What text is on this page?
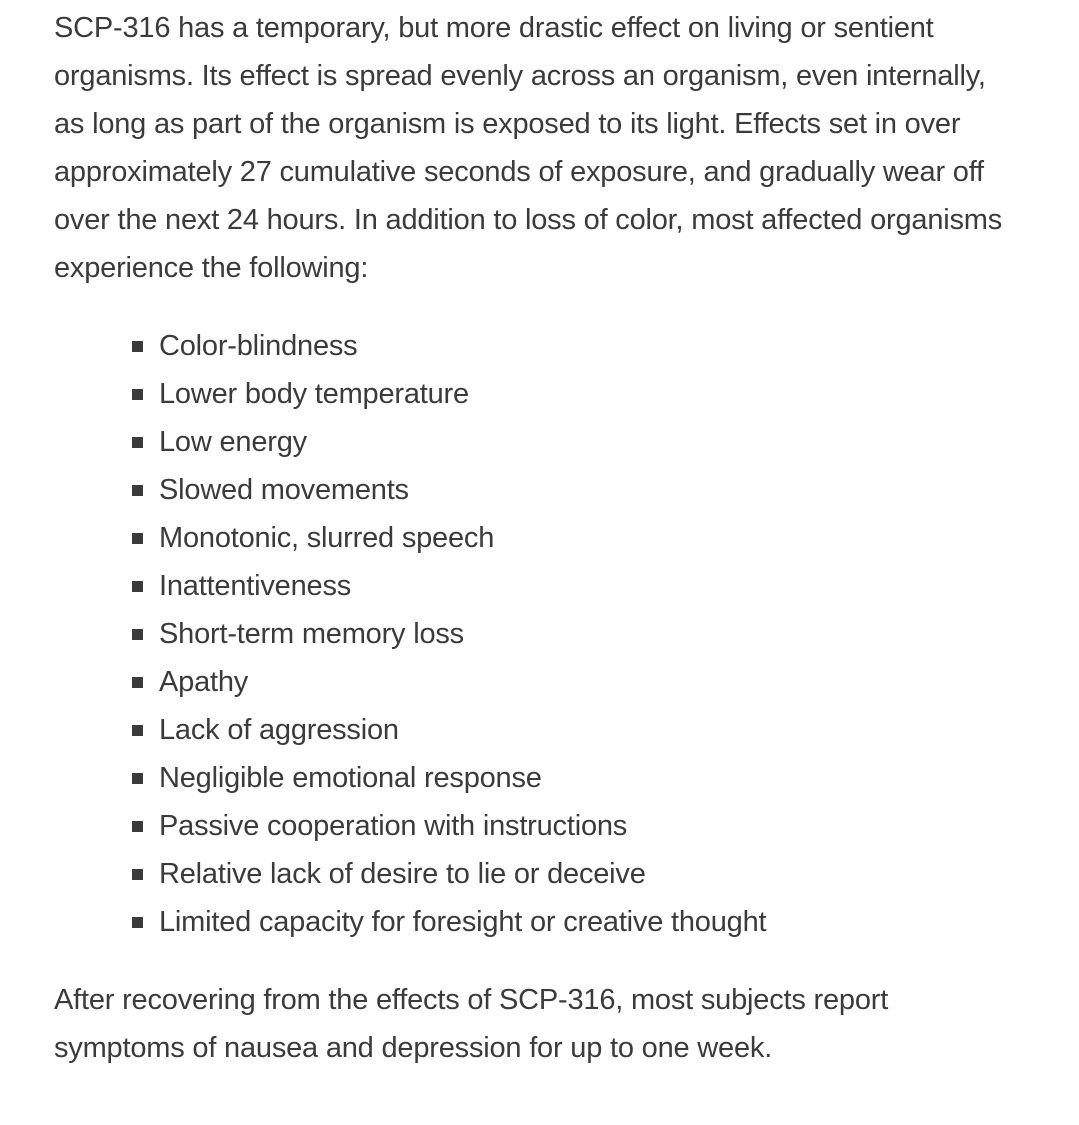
SCP-316 has a temporary, but more drastic effect on living or sentient organisms. Its effect is spread evenly across an organism, even internally, as long as part of the organism is exposed to its light. Effects set in over approximately 27 cumulative seconds of exposure, and gradually wear off over the next 24 hours. In addition to loss of color, most affected organisms experience the following:

Color-blindness
Lower body temperature
Low energy
Slowed movements
Monotonic, slurred speech
Inattentiveness
Short-term memory loss
Apathy
Lack of aggression
Negligible emotional response
Passive cooperation with instructions
Relative lack of desire to lie or deceive
Limited capacity for foresight or creative thought

After recovering from the effects of SCP-316, most subjects report symptoms of nausea and depression for up to one week.
